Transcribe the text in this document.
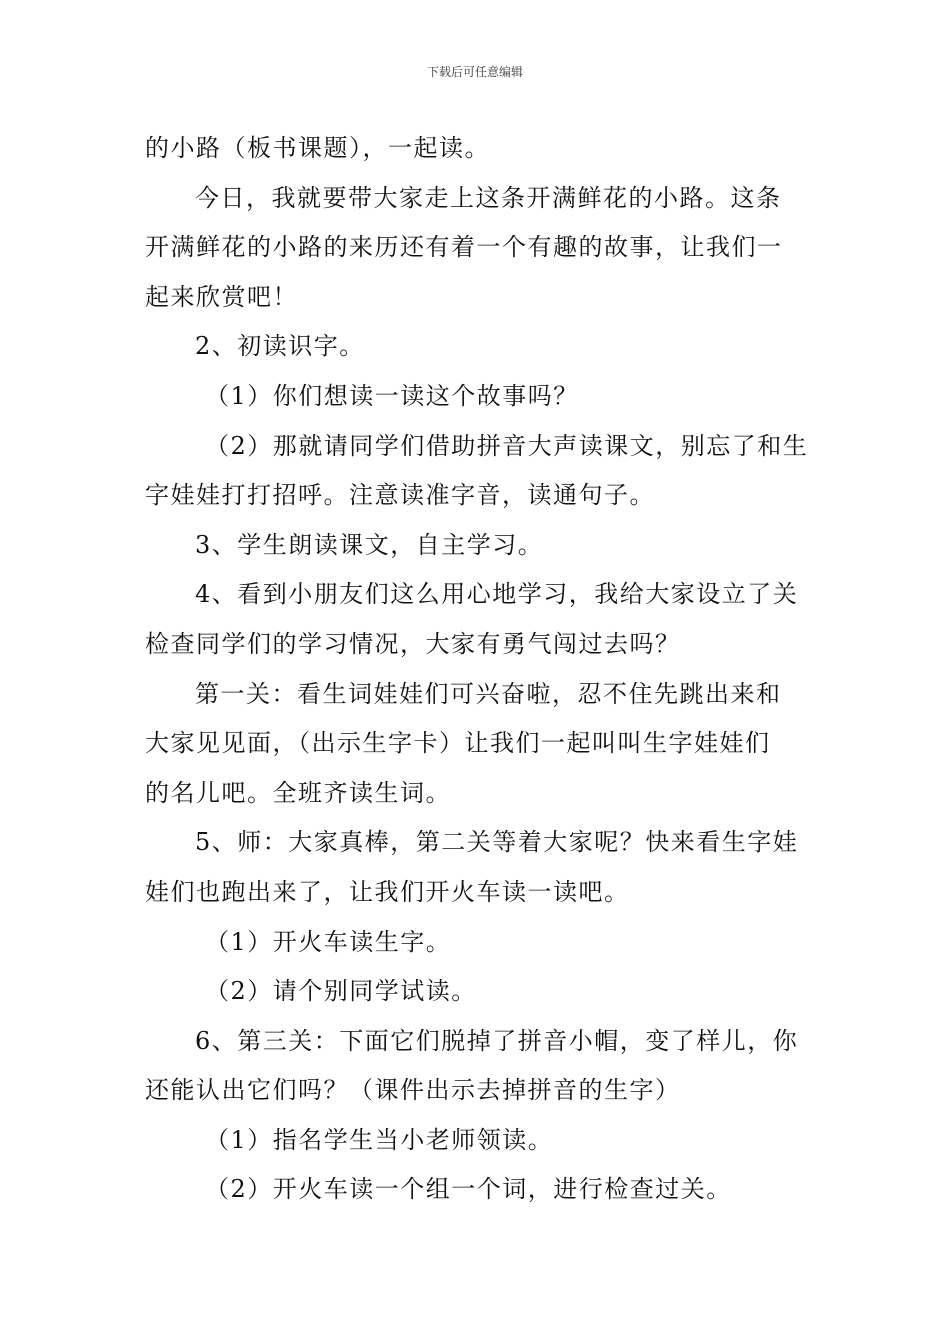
下载后可任意编辑
的小路（板书课题），一起读。
今日，我就要带大家走上这条开满鲜花的小路。这条
开满鲜花的小路的来历还有着一个有趣的故事，让我们一
起来欣赏吧！
2、初读识字。
（1）你们想读一读这个故事吗？
（2）那就请同学们借助拼音大声读课文，别忘了和生
字娃娃打打招呼。注意读准字音，读通句子。
3、学生朗读课文，自主学习。
4、看到小朋友们这么用心地学习，我给大家设立了关
检查同学们的学习情况，大家有勇气闯过去吗？
第一关：看生词娃娃们可兴奋啦，忍不住先跳出来和
大家见见面，（出示生字卡）让我们一起叫叫生字娃娃们
的名儿吧。全班齐读生词。
5、师：大家真棒，第二关等着大家呢？快来看生字娃
娃们也跑出来了，让我们开火车读一读吧。
（1）开火车读生字。
（2）请个别同学试读。
6、第三关：下面它们脱掉了拼音小帽，变了样儿，你
还能认出它们吗？（课件出示去掉拼音的生字）
（1）指名学生当小老师领读。
（2）开火车读一个组一个词，进行检查过关。
